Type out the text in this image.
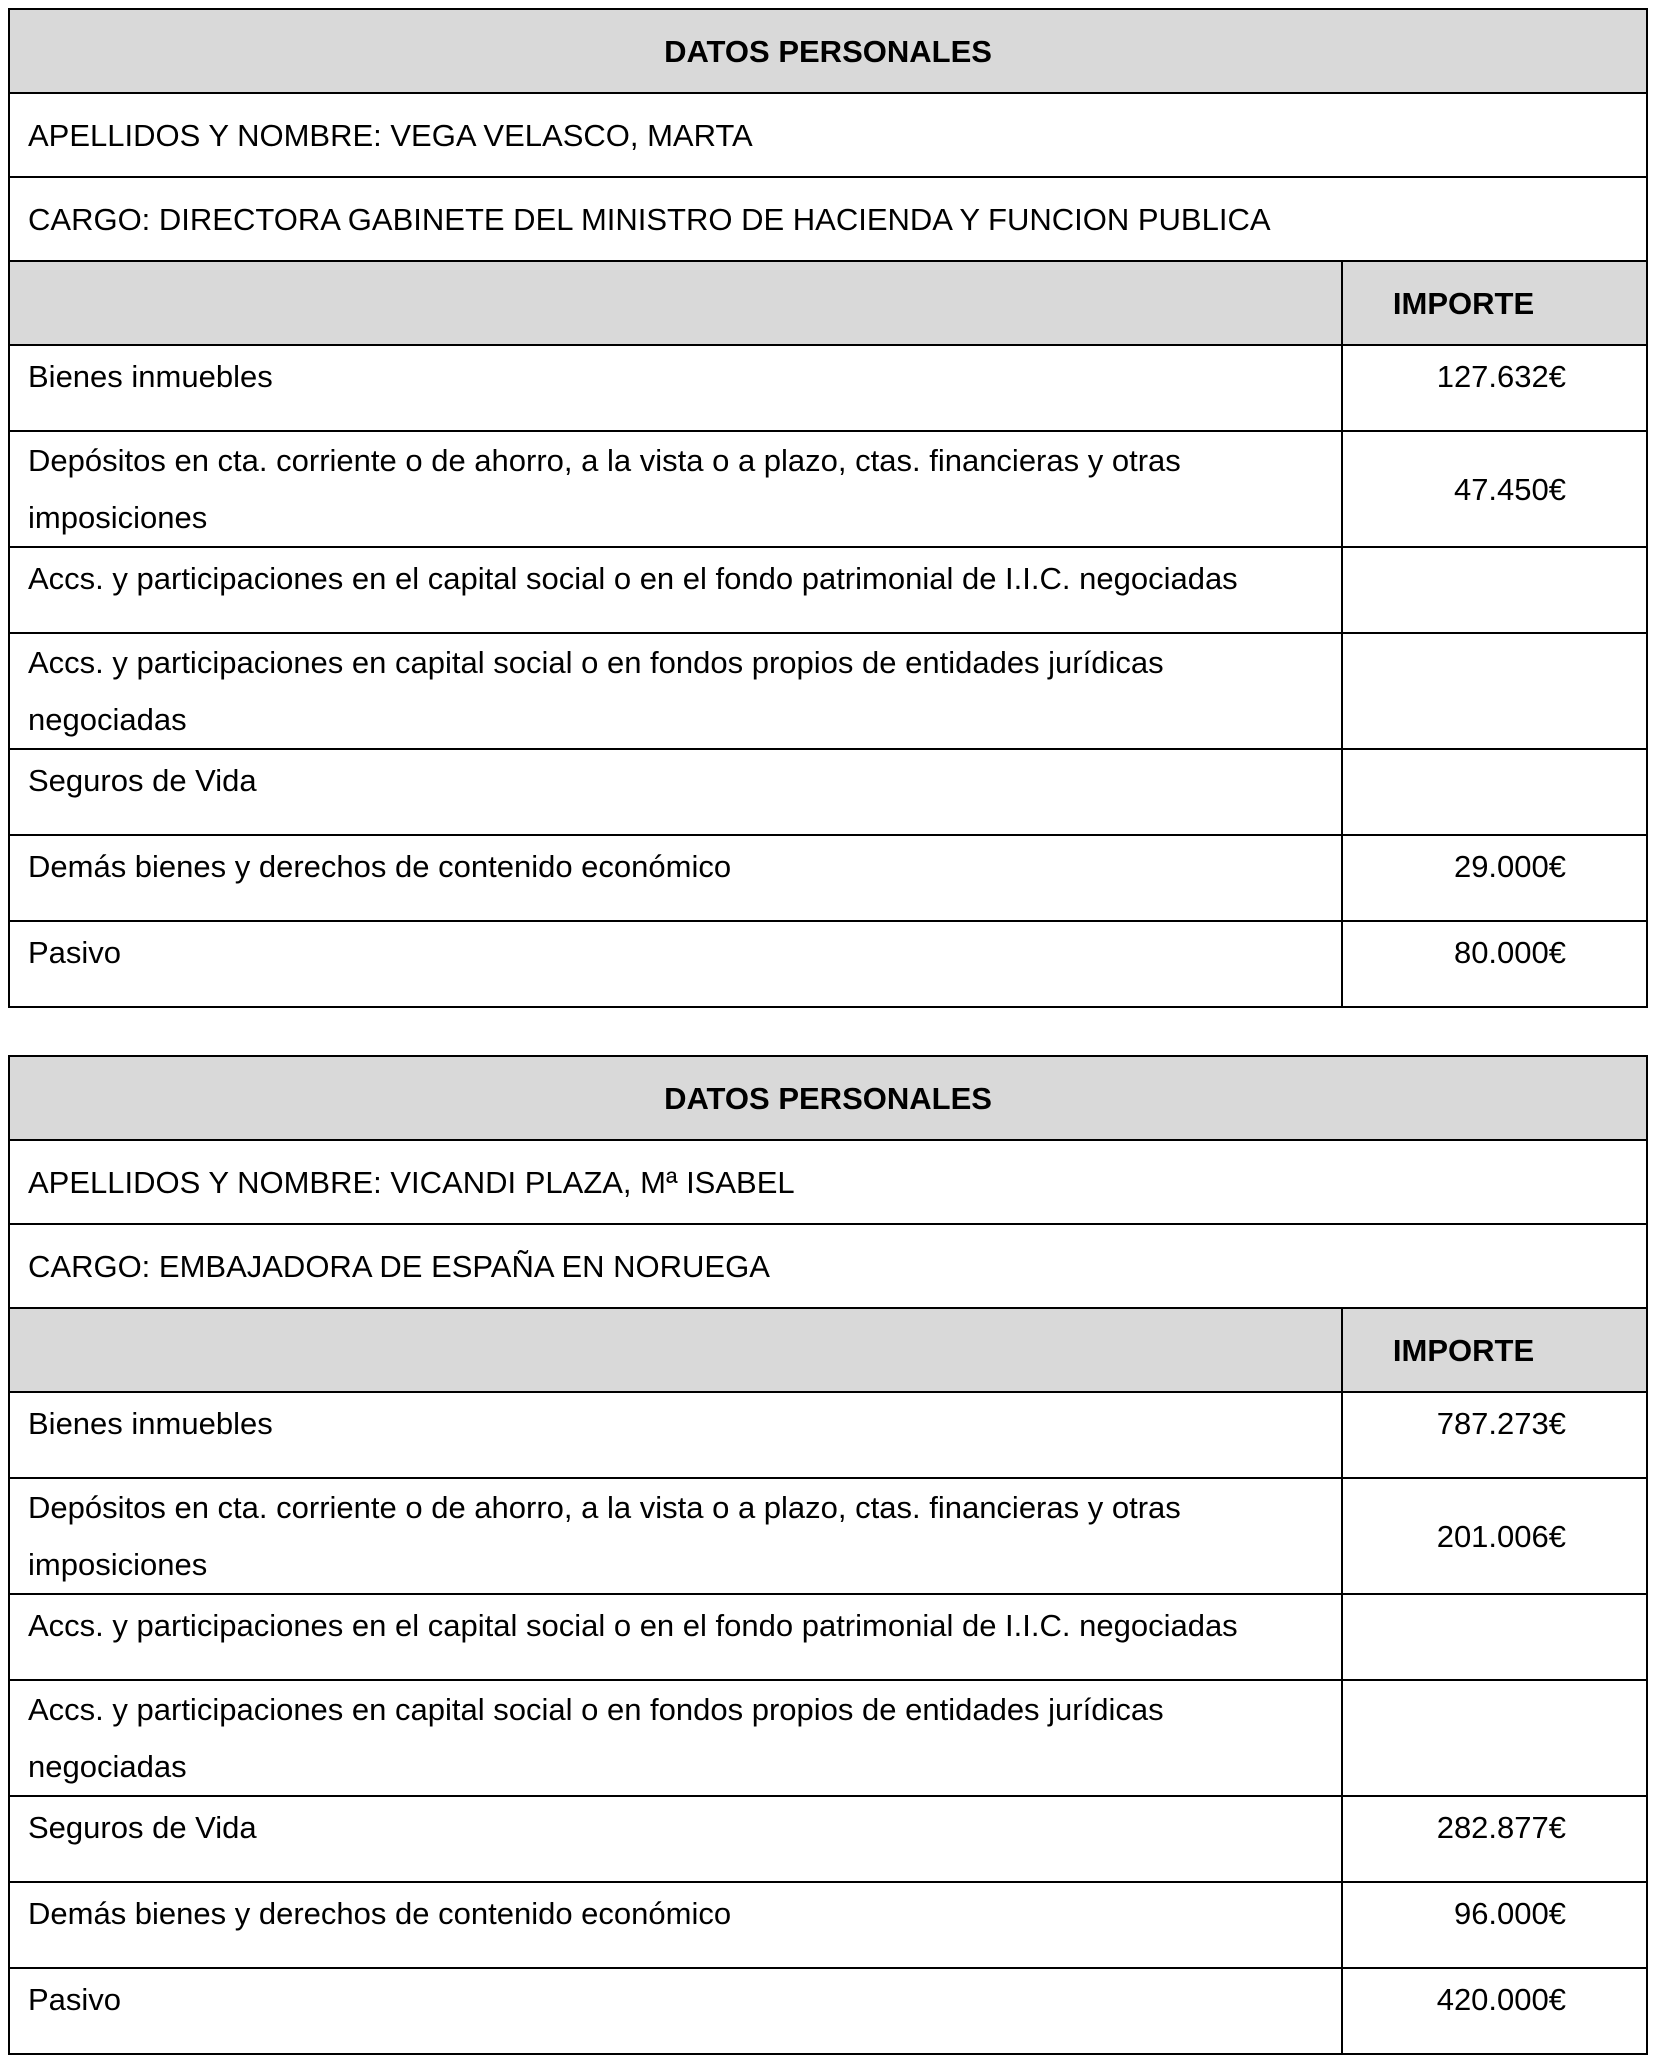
DATOS PERSONALES	
APELLIDOS Y NOMBRE: VEGA VELASCO, MARTA	
CARGO: DIRECTORA GABINETE DEL MINISTRO DE HACIENDA Y FUNCION PUBLICA	
	IMPORTE
Bienes inmuebles	127.632€
Depósitos en cta. corriente o de ahorro, a la vista o a plazo, ctas. financieras y otras imposiciones	47.450€
Accs. y participaciones en el capital social o en el fondo patrimonial de I.I.C. negociadas	
Accs. y participaciones en capital social o en fondos propios de entidades jurídicas negociadas	
Seguros de Vida	
Demás bienes y derechos de contenido económico	29.000€
Pasivo	80.000€
DATOS PERSONALES	
APELLIDOS Y NOMBRE: VICANDI PLAZA, Mª ISABEL	
CARGO: EMBAJADORA DE ESPAÑA EN NORUEGA	
	IMPORTE
Bienes inmuebles	787.273€
Depósitos en cta. corriente o de ahorro, a la vista o a plazo, ctas. financieras y otras imposiciones	201.006€
Accs. y participaciones en el capital social o en el fondo patrimonial de I.I.C. negociadas	
Accs. y participaciones en capital social o en fondos propios de entidades jurídicas negociadas	
Seguros de Vida	282.877€
Demás bienes y derechos de contenido económico	96.000€
Pasivo	420.000€
